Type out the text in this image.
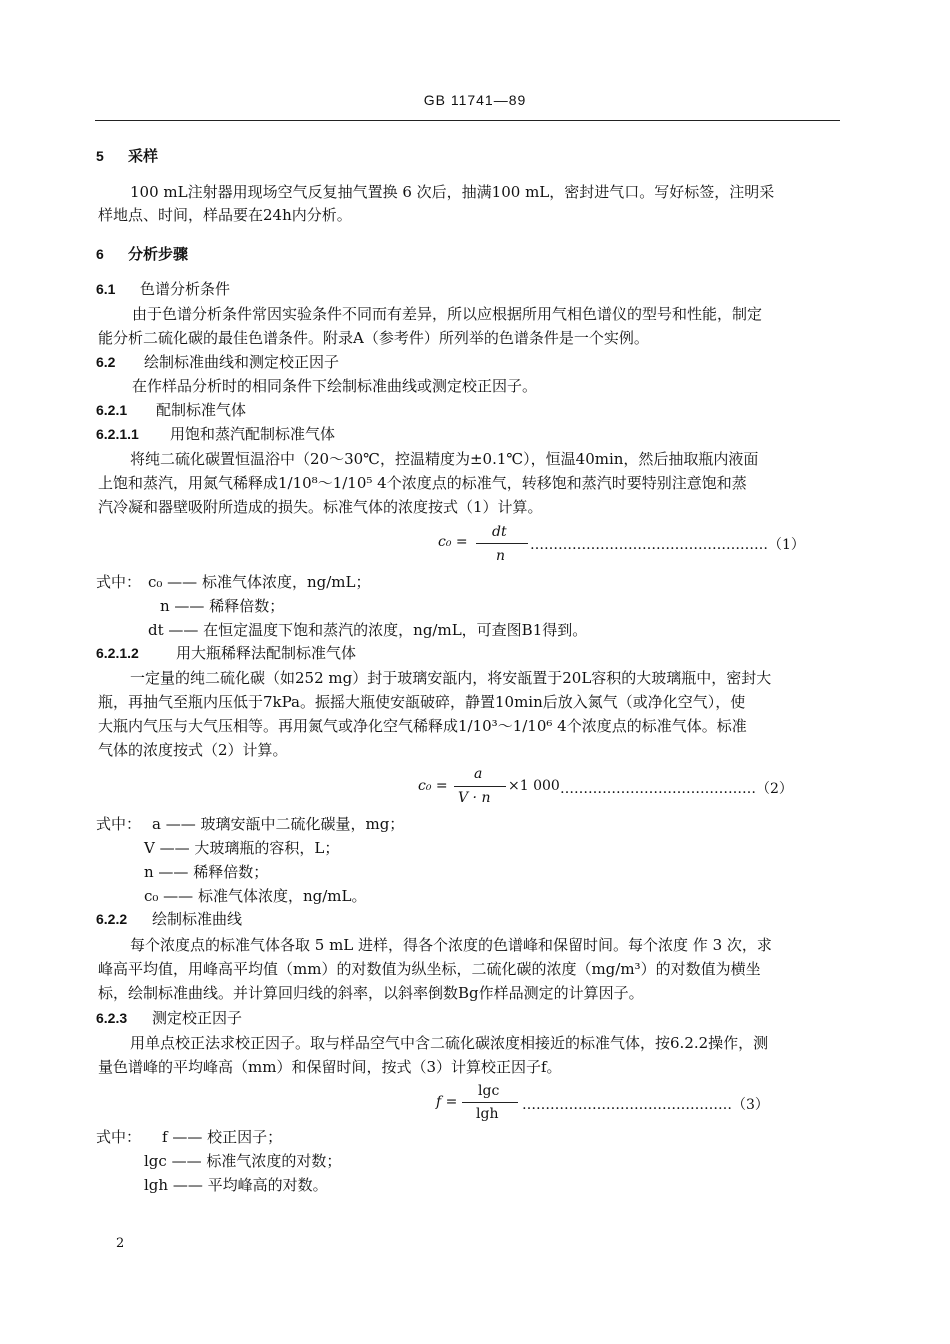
GB 11741—89
5 采样
100 mL注射器用现场空气反复抽气置换 6 次后，抽满100 mL，密封进气口。写好标签，注明采
样地点、时间，样品要在24h内分析。
6 分析步骤
6.1 色谱分析条件
由于色谱分析条件常因实验条件不同而有差异，所以应根据所用气相色谱仪的型号和性能，制定
能分析二硫化碳的最佳色谱条件。附录A（参考件）所列举的色谱条件是一个实例。
6.2 绘制标准曲线和测定校正因子
在作样品分析时的相同条件下绘制标准曲线或测定校正因子。
6.2.1 配制标准气体
6.2.1.1 用饱和蒸汽配制标准气体
将纯二硫化碳置恒温浴中（20～30℃，控温精度为±0.1℃），恒温40min，然后抽取瓶内液面
上饱和蒸汽，用氮气稀释成1/10⁸～1/10⁵ 4个浓度点的标准气，转移饱和蒸汽时要特别注意饱和蒸
汽冷凝和器壁吸附所造成的损失。标准气体的浓度按式（1）计算。
c₀ =
dt
n
……………………………………………（1）
式中： c₀ —— 标准气体浓度，ng/mL；
n —— 稀释倍数；
dt —— 在恒定温度下饱和蒸汽的浓度，ng/mL，可查图B1得到。
6.2.1.2 用大瓶稀释法配制标准气体
一定量的纯二硫化碳（如252 mg）封于玻璃安瓿内，将安瓿置于20L容积的大玻璃瓶中，密封大
瓶，再抽气至瓶内压低于7kPa。振摇大瓶使安瓿破碎，静置10min后放入氮气（或净化空气），使
大瓶内气压与大气压相等。再用氮气或净化空气稀释成1/10³～1/10⁶ 4个浓度点的标准气体。标准
气体的浓度按式（2）计算。
c₀ =
a
V · n
×1 000 ……………………………………（2）
式中： a —— 玻璃安瓿中二硫化碳量，mg；
V —— 大玻璃瓶的容积，L；
n —— 稀释倍数；
c₀ —— 标准气体浓度，ng/mL。
6.2.2 绘制标准曲线
每个浓度点的标准气体各取 5 mL 进样，得各个浓度的色谱峰和保留时间。每个浓度 作 3 次，求
峰高平均值，用峰高平均值（mm）的对数值为纵坐标，二硫化碳的浓度（mg/m³）的对数值为横坐
标，绘制标准曲线。并计算回归线的斜率，以斜率倒数Bg作样品测定的计算因子。
6.2.3 测定校正因子
用单点校正法求校正因子。取与样品空气中含二硫化碳浓度相接近的标准气体，按6.2.2操作，测
量色谱峰的平均峰高（mm）和保留时间，按式（3）计算校正因子f。
f =
lgc
lgh
………………………………………（3）
式中： f —— 校正因子；
lgc —— 标准气浓度的对数；
lgh —— 平均峰高的对数。
2
